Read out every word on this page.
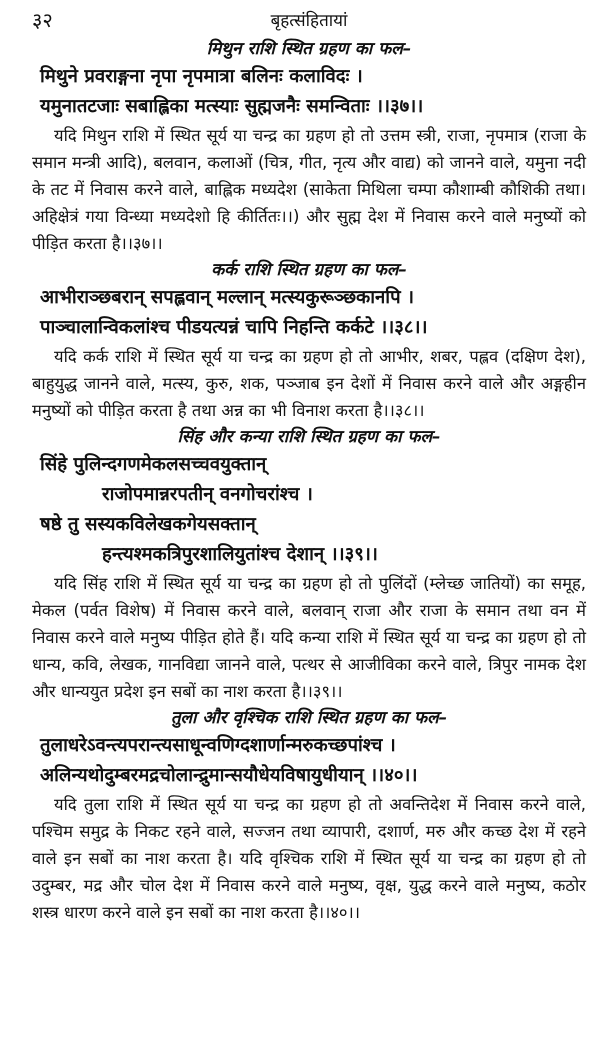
३२	बृहत्संहितायां

मिथुन राशि स्थित ग्रहण का फल–

मिथुने प्रवराङ्गना नृपा नृपमात्रा बलिनः कलाविदः ।

यमुनातटजाः सबाह्लिका मत्स्याः सुह्मजनैः समन्विताः ।।३७।।

यदि मिथुन राशि में स्थित सूर्य या चन्द्र का ग्रहण हो तो उत्तम स्त्री, राजा, नृपमात्र (राजा के समान मन्त्री आदि), बलवान, कलाओं (चित्र, गीत, नृत्य और वाद्य) को जानने वाले, यमुना नदी के तट में निवास करने वाले, बाह्लिक मध्यदेश (साकेता मिथिला चम्पा कौशाम्बी कौशिकी तथा। अहिक्षेत्रं गया विन्ध्या मध्यदेशो हि कीर्तितः।।) और सुह्म देश में निवास करने वाले मनुष्यों को पीड़ित करता है।।३७।।

कर्क राशि स्थित ग्रहण का फल–

आभीराञ्छबरान् सपह्लवान् मल्लान् मत्स्यकुरूञ्छकानपि ।

पाञ्चालान्विकलांश्च पीडयत्यन्नं चापि निहन्ति कर्कटे ।।३८।।

यदि कर्क राशि में स्थित सूर्य या चन्द्र का ग्रहण हो तो आभीर, शबर, पह्लव (दक्षिण देश), बाहुयुद्ध जानने वाले, मत्स्य, कुरु, शक, पञ्जाब इन देशों में निवास करने वाले और अङ्गहीन मनुष्यों को पीड़ित करता है तथा अन्न का भी विनाश करता है।।३८।।

सिंह और कन्या राशि स्थित ग्रहण का फल–

सिंहे पुलिन्दगणमेकलसच्चवयुक्तान्

राजोपमान्नरपतीन् वनगोचरांश्च ।

षष्ठे तु सस्यकविलेखकगेयसक्तान्

हन्त्यश्मकत्रिपुरशालियुतांश्च देशान् ।।३९।।

यदि सिंह राशि में स्थित सूर्य या चन्द्र का ग्रहण हो तो पुलिंदों (म्लेच्छ जातियों) का समूह, मेकल (पर्वत विशेष) में निवास करने वाले, बलवान् राजा और राजा के समान तथा वन में निवास करने वाले मनुष्य पीड़ित होते हैं। यदि कन्या राशि में स्थित सूर्य या चन्द्र का ग्रहण हो तो धान्य, कवि, लेखक, गानविद्या जानने वाले, पत्थर से आजीविका करने वाले, त्रिपुर नामक देश और धान्ययुत प्रदेश इन सबों का नाश करता है।।३९।।

तुला और वृश्चिक राशि स्थित ग्रहण का फल–

तुलाधरेऽवन्त्यपरान्त्यसाधून्वणिग्दशार्णान्मरुकच्छपांश्च ।

अलिन्यथोदुम्बरमद्रचोलान्द्रुमान्सयौधेयविषायुधीयान् ।।४०।।

यदि तुला राशि में स्थित सूर्य या चन्द्र का ग्रहण हो तो अवन्तिदेश में निवास करने वाले, पश्चिम समुद्र के निकट रहने वाले, सज्जन तथा व्यापारी, दशार्ण, मरु और कच्छ देश में रहने वाले इन सबों का नाश करता है। यदि वृश्चिक राशि में स्थित सूर्य या चन्द्र का ग्रहण हो तो उदुम्बर, मद्र और चोल देश में निवास करने वाले मनुष्य, वृक्ष, युद्ध करने वाले मनुष्य, कठोर शस्त्र धारण करने वाले इन सबों का नाश करता है।।४०।।
